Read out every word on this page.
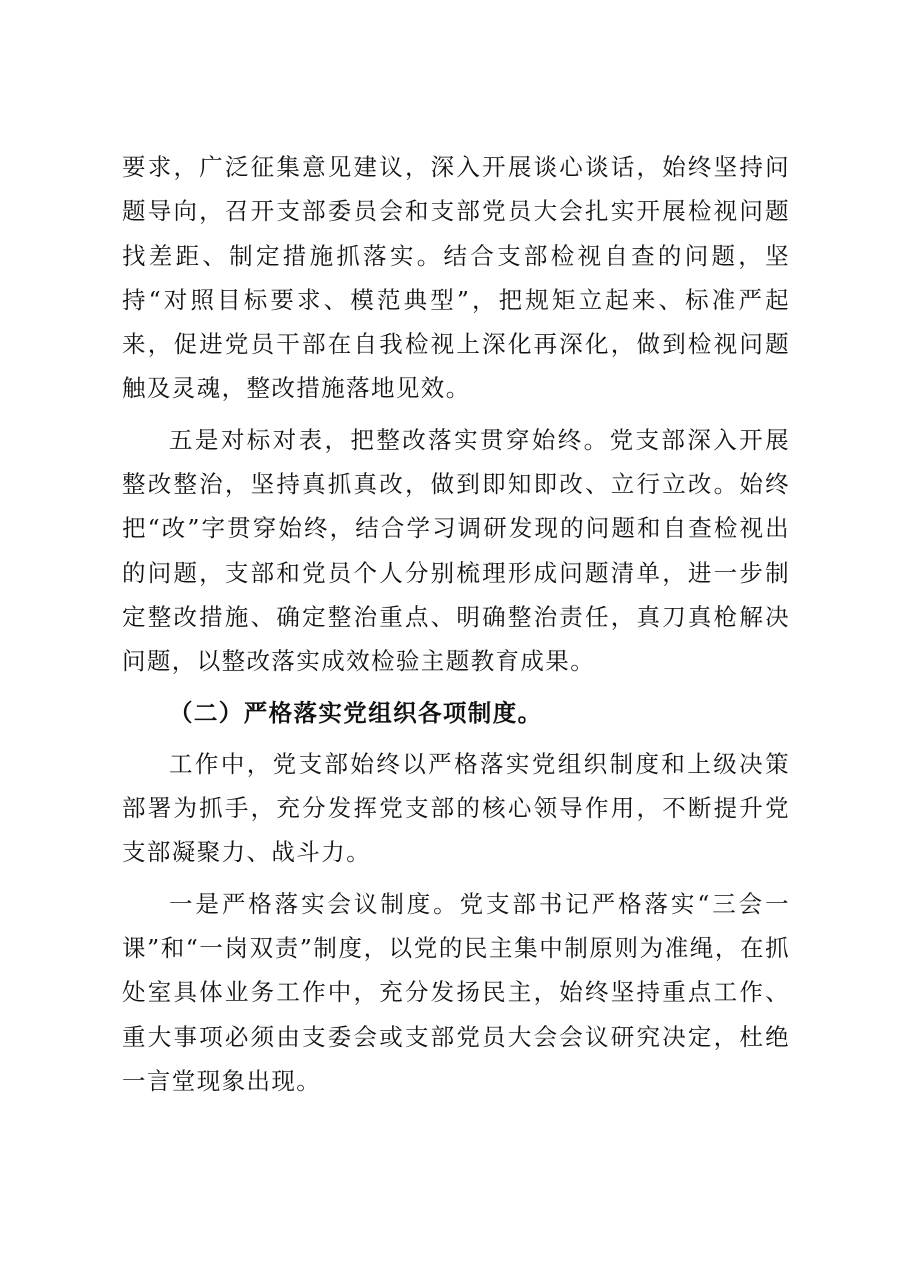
要求，广泛征集意见建议，深入开展谈心谈话，始终坚持问题导向，召开支部委员会和支部党员大会扎实开展检视问题找差距、制定措施抓落实。结合支部检视自查的问题，坚持“对照目标要求、模范典型”，把规矩立起来、标准严起来，促进党员干部在自我检视上深化再深化，做到检视问题触及灵魂，整改措施落地见效。

五是对标对表，把整改落实贯穿始终。党支部深入开展整改整治，坚持真抓真改，做到即知即改、立行立改。始终把“改”字贯穿始终，结合学习调研发现的问题和自查检视出的问题，支部和党员个人分别梳理形成问题清单，进一步制定整改措施、确定整治重点、明确整治责任，真刀真枪解决问题，以整改落实成效检验主题教育成果。

（二）严格落实党组织各项制度。

工作中，党支部始终以严格落实党组织制度和上级决策部署为抓手，充分发挥党支部的核心领导作用，不断提升党支部凝聚力、战斗力。

一是严格落实会议制度。党支部书记严格落实“三会一课”和“一岗双责”制度，以党的民主集中制原则为准绳，在抓处室具体业务工作中，充分发扬民主，始终坚持重点工作、重大事项必须由支委会或支部党员大会会议研究决定，杜绝一言堂现象出现。
